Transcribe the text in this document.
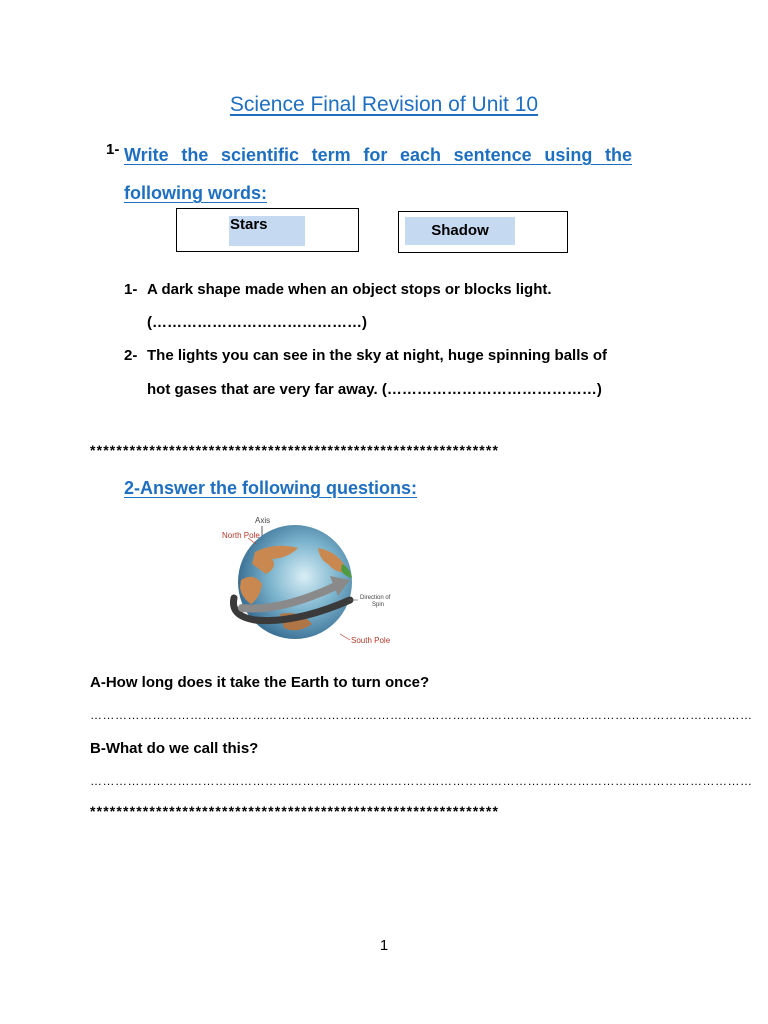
Science Final Revision of Unit 10
1- Write the scientific term for each sentence using the following words:
Stars	Shadow
1- A dark shape made when an object stops or blocks light.
(……………………………………)
2- The lights you can see in the sky at night, huge spinning balls of
hot gases that are very far away. (……………………………………)
**************************************************************
2-Answer the following questions:
Axis
North Pole
Direction of
Spin
South Pole
A-How long does it take the Earth to turn once?
……………………………………………………………………………………………………………………………………………
B-What do we call this?
……………………………………………………………………………………………………………………………………………
**************************************************************
1
